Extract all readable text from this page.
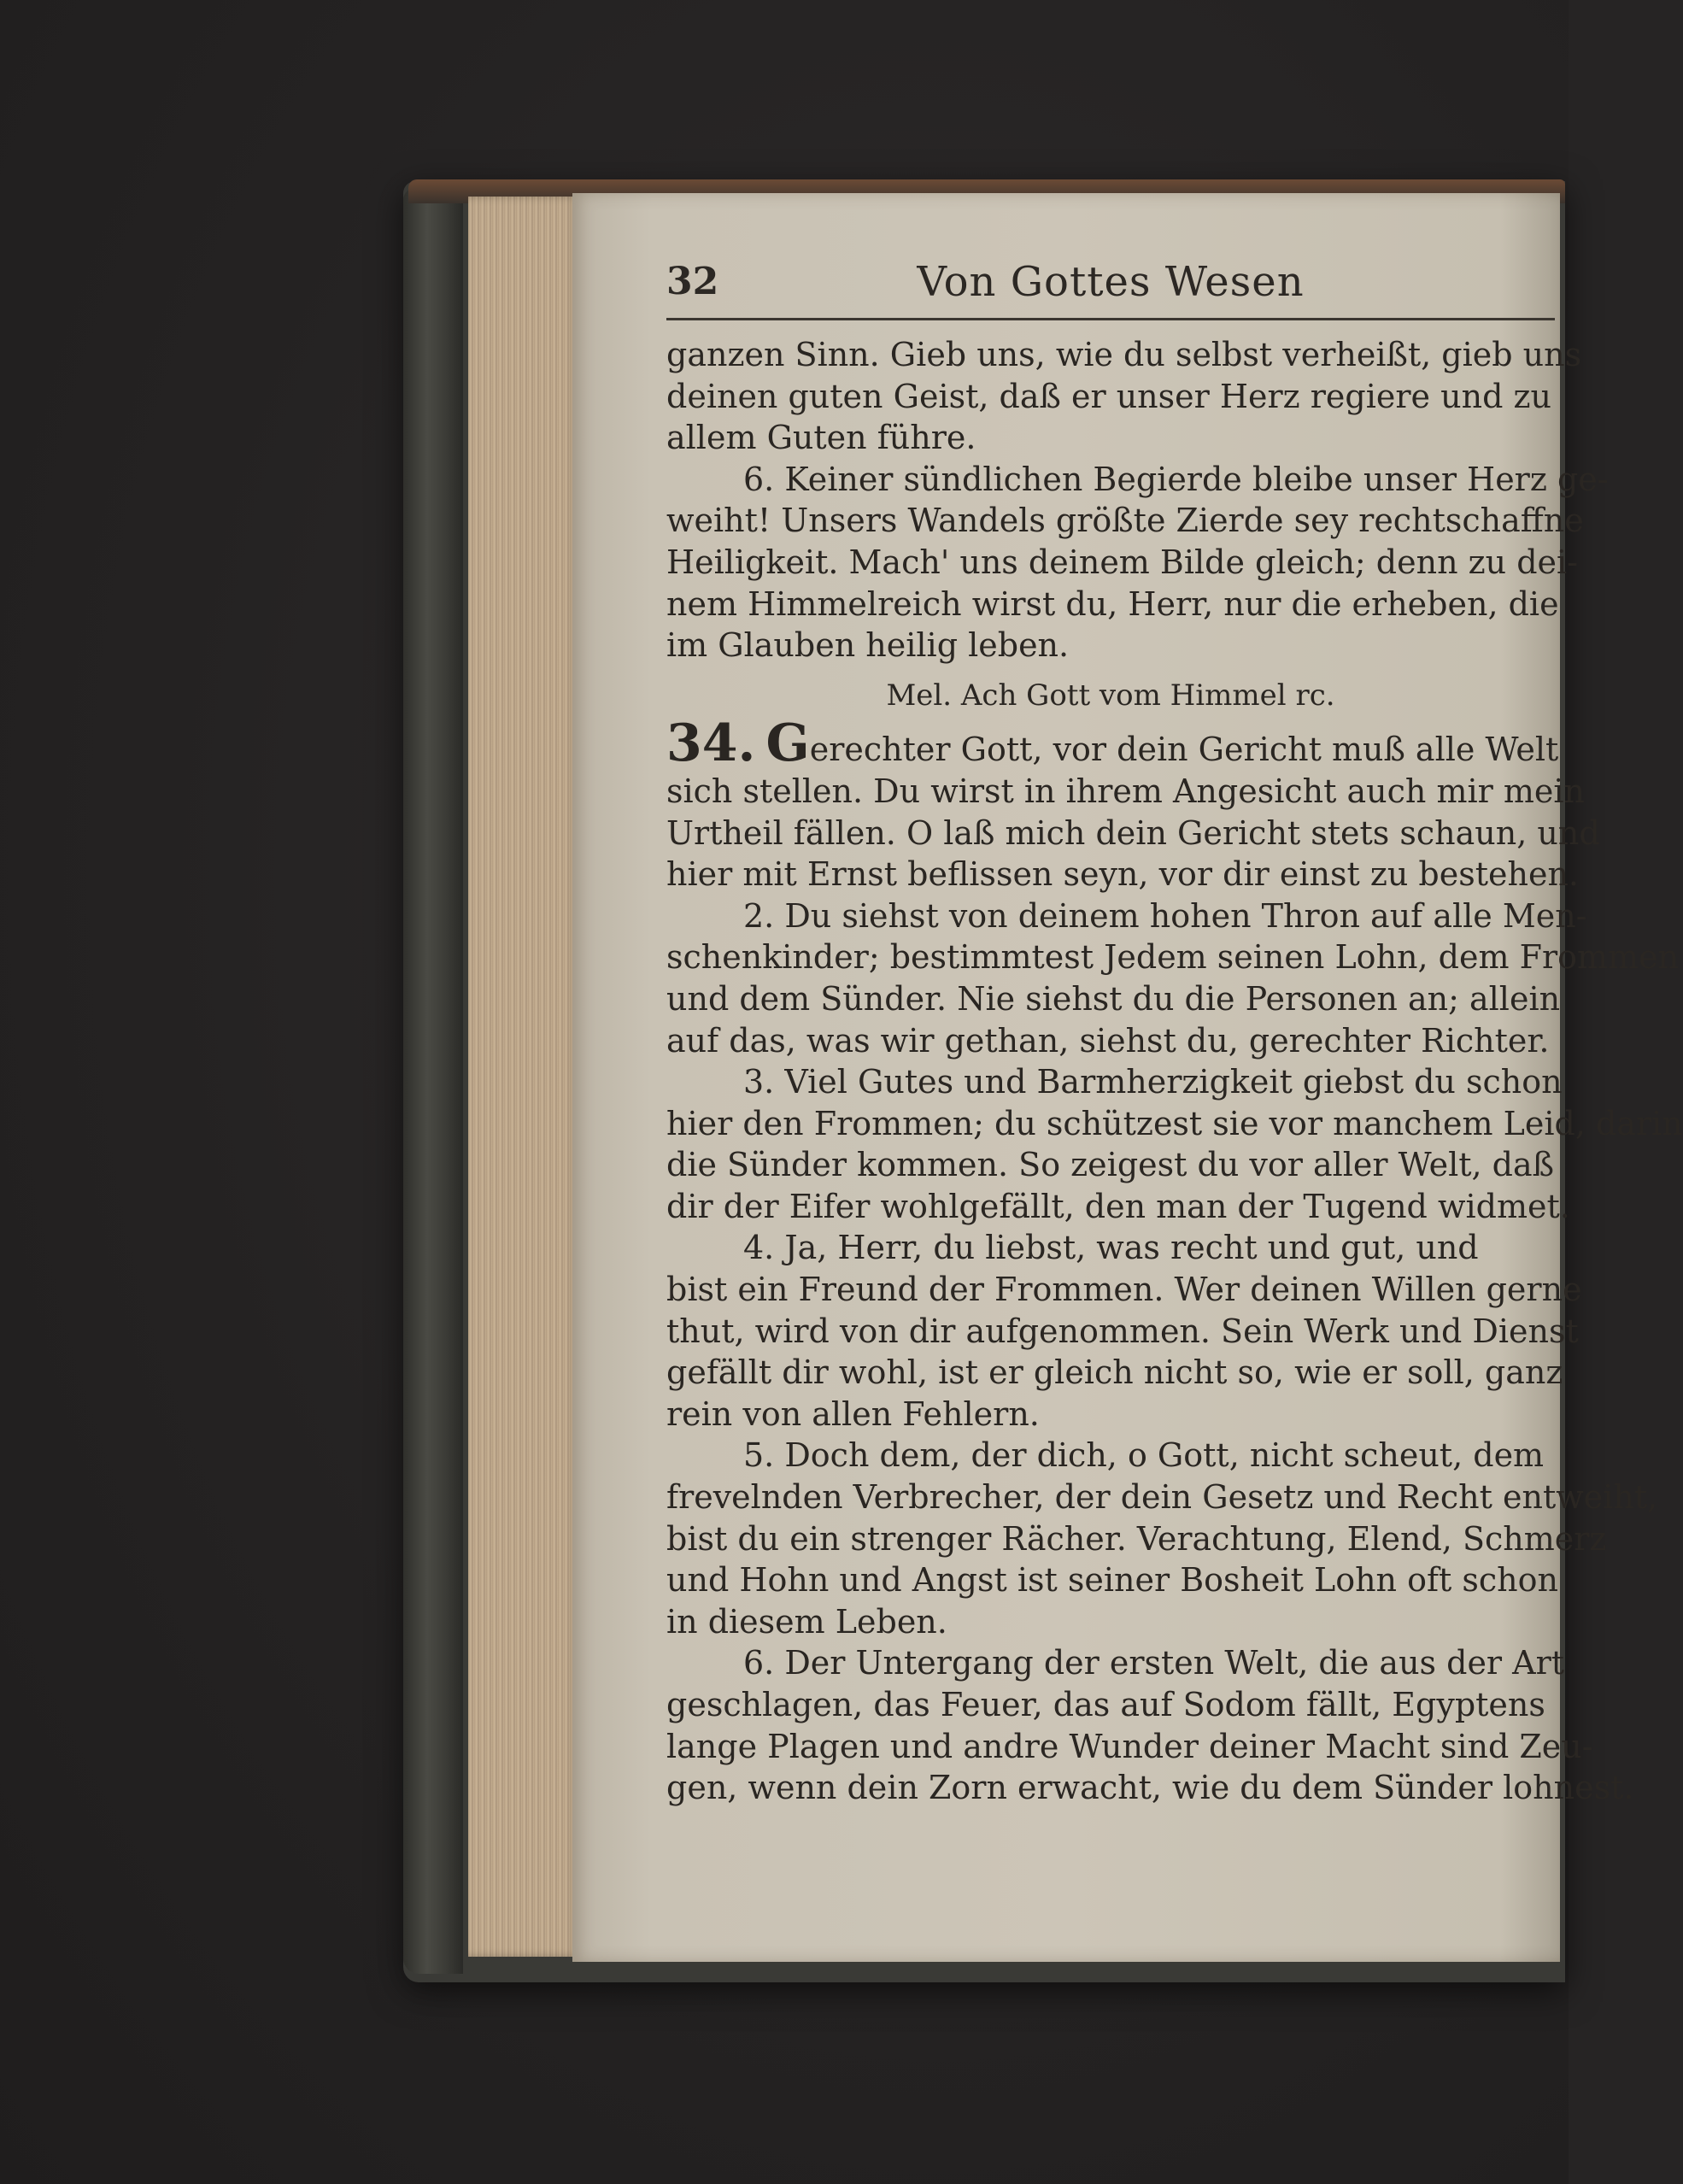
32	Von Gottes Wesen
ganzen Sinn. Gieb uns, wie du selbst verheißt, gieb uns
deinen guten Geist, daß er unser Herz regiere und zu
allem Guten führe.
6. Keiner sündlichen Begierde bleibe unser Herz ge-
weiht! Unsers Wandels größte Zierde sey rechtschaffne
Heiligkeit. Mach' uns deinem Bilde gleich; denn zu dei-
nem Himmelreich wirst du, Herr, nur die erheben, die
im Glauben heilig leben.
Mel. Ach Gott vom Himmel rc.
34. Gerechter Gott, vor dein Gericht muß alle Welt
sich stellen. Du wirst in ihrem Angesicht auch mir mein
Urtheil fällen. O laß mich dein Gericht stets schaun, und
hier mit Ernst beflissen seyn, vor dir einst zu bestehen.
2. Du siehst von deinem hohen Thron auf alle Men-
schenkinder; bestimmtest Jedem seinen Lohn, dem Frommen
und dem Sünder. Nie siehst du die Personen an; allein
auf das, was wir gethan, siehst du, gerechter Richter.
3. Viel Gutes und Barmherzigkeit giebst du schon
hier den Frommen; du schützest sie vor manchem Leid, darin
die Sünder kommen. So zeigest du vor aller Welt, daß
dir der Eifer wohlgefällt, den man der Tugend widmet.
4. Ja, Herr, du liebst, was recht und gut, und
bist ein Freund der Frommen. Wer deinen Willen gerne
thut, wird von dir aufgenommen. Sein Werk und Dienst
gefällt dir wohl, ist er gleich nicht so, wie er soll, ganz
rein von allen Fehlern.
5. Doch dem, der dich, o Gott, nicht scheut, dem
frevelnden Verbrecher, der dein Gesetz und Recht entweiht,
bist du ein strenger Rächer. Verachtung, Elend, Schmerz
und Hohn und Angst ist seiner Bosheit Lohn oft schon
in diesem Leben.
6. Der Untergang der ersten Welt, die aus der Art
geschlagen, das Feuer, das auf Sodom fällt, Egyptens
lange Plagen und andre Wunder deiner Macht sind Zeu-
gen, wenn dein Zorn erwacht, wie du dem Sünder lohnest.
